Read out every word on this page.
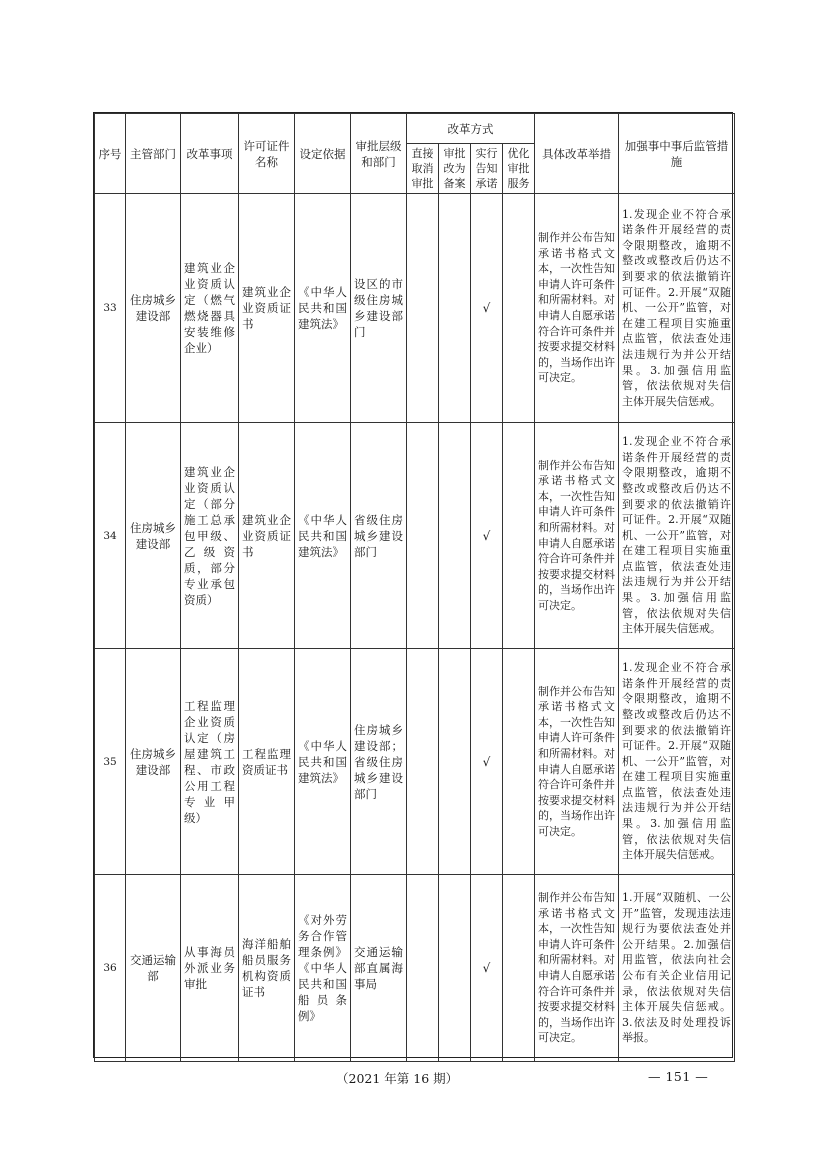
序号	主管部门	改革事项	许可证件名称	设定依据	审批层级和部门	改革方式				具体改革举措	加强事中事后监管措施
						直接取消审批	审批改为备案	实行告知承诺	优化审批服务		
33	住房城乡建设部	建筑业企业资质认定（燃气燃烧器具安装维修企业）	建筑业企业资质证书	《中华人民共和国建筑法》	设区的市级住房城乡建设部门			√		制作并公布告知承诺书格式文本，一次性告知申请人许可条件和所需材料。对申请人自愿承诺符合许可条件并按要求提交材料的，当场作出许可决定。	1.发现企业不符合承诺条件开展经营的责令限期整改，逾期不整改或整改后仍达不到要求的依法撤销许可证件。2.开展“双随机、一公开”监管，对在建工程项目实施重点监管，依法查处违法违规行为并公开结果。3.加强信用监管，依法依规对失信主体开展失信惩戒。
34	住房城乡建设部	建筑业企业资质认定（部分施工总承包甲级、乙级资质，部分专业承包资质）	建筑业企业资质证书	《中华人民共和国建筑法》	省级住房城乡建设部门			√		制作并公布告知承诺书格式文本，一次性告知申请人许可条件和所需材料。对申请人自愿承诺符合许可条件并按要求提交材料的，当场作出许可决定。	1.发现企业不符合承诺条件开展经营的责令限期整改，逾期不整改或整改后仍达不到要求的依法撤销许可证件。2.开展“双随机、一公开”监管，对在建工程项目实施重点监管，依法查处违法违规行为并公开结果。3.加强信用监管，依法依规对失信主体开展失信惩戒。
35	住房城乡建设部	工程监理企业资质认定（房屋建筑工程、市政公用工程专业甲级）	工程监理资质证书	《中华人民共和国建筑法》	住房城乡建设部；省级住房城乡建设部门			√		制作并公布告知承诺书格式文本，一次性告知申请人许可条件和所需材料。对申请人自愿承诺符合许可条件并按要求提交材料的，当场作出许可决定。	1.发现企业不符合承诺条件开展经营的责令限期整改，逾期不整改或整改后仍达不到要求的依法撤销许可证件。2.开展“双随机、一公开”监管，对在建工程项目实施重点监管，依法查处违法违规行为并公开结果。3.加强信用监管，依法依规对失信主体开展失信惩戒。
36	交通运输部	从事海员外派业务审批	海洋船舶船员服务机构资质证书	《对外劳务合作管理条例》《中华人民共和国船员条例》	交通运输部直属海事局			√		制作并公布告知承诺书格式文本，一次性告知申请人许可条件和所需材料。对申请人自愿承诺符合许可条件并按要求提交材料的，当场作出许可决定。	1.开展“双随机、一公开”监管，发现违法违规行为要依法查处并公开结果。2.加强信用监管，依法向社会公布有关企业信用记录，依法依规对失信主体开展失信惩戒。3.依法及时处理投诉举报。
（2021 年第 16 期）	— 151 —
